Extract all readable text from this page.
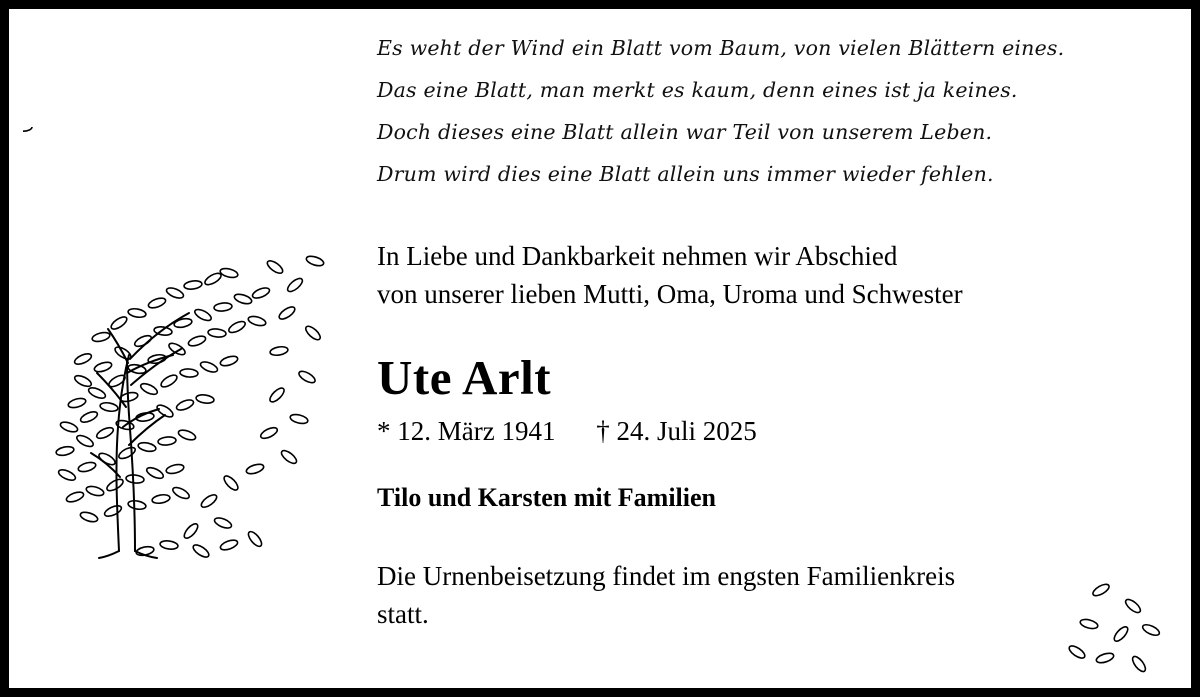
Es weht der Wind ein Blatt vom Baum, von vielen Blättern eines.
Das eine Blatt, man merkt es kaum, denn eines ist ja keines.
Doch dieses eine Blatt allein war Teil von unserem Leben.
Drum wird dies eine Blatt allein uns immer wieder fehlen.
In Liebe und Dankbarkeit nehmen wir Abschied
von unserer lieben Mutti, Oma, Uroma und Schwester
Ute Arlt
* 12. März 1941 † 24. Juli 2025
Tilo und Karsten mit Familien
Die Urnenbeisetzung findet im engsten Familienkreis
statt.
